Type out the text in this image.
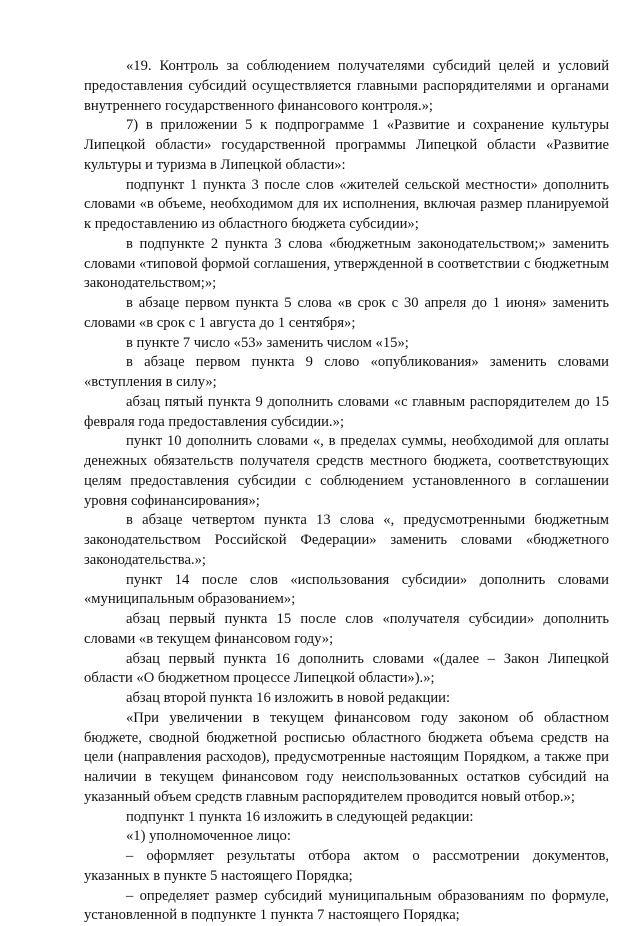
«19. Контроль за соблюдением получателями субсидий целей и условий предоставления субсидий осуществляется главными распорядителями и органами внутреннего государственного финансового контроля.»;

7) в приложении 5 к подпрограмме 1 «Развитие и сохранение культуры Липецкой области» государственной программы Липецкой области «Развитие культуры и туризма в Липецкой области»:

подпункт 1 пункта 3 после слов «жителей сельской местности» дополнить словами «в объеме, необходимом для их исполнения, включая размер планируемой к предоставлению из областного бюджета субсидии»;

в подпункте 2 пункта 3 слова «бюджетным законодательством;» заменить словами «типовой формой соглашения, утвержденной в соответствии с бюджетным законодательством;»;

в абзаце первом пункта 5 слова «в срок с 30 апреля до 1 июня» заменить словами «в срок с 1 августа до 1 сентября»;

в пункте 7 число «53» заменить числом «15»;

в абзаце первом пункта 9 слово «опубликования» заменить словами «вступления в силу»;

абзац пятый пункта 9 дополнить словами «с главным распорядителем до 15 февраля года предоставления субсидии.»;

пункт 10 дополнить словами «, в пределах суммы, необходимой для оплаты денежных обязательств получателя средств местного бюджета, соответствующих целям предоставления субсидии с соблюдением установленного в соглашении уровня софинансирования»;

в абзаце четвертом пункта 13 слова «, предусмотренными бюджетным законодательством Российской Федерации» заменить словами «бюджетного законодательства.»;

пункт 14 после слов «использования субсидии» дополнить словами «муниципальным образованием»;

абзац первый пункта 15 после слов «получателя субсидии» дополнить словами «в текущем финансовом году»;

абзац первый пункта 16 дополнить словами «(далее – Закон Липецкой области «О бюджетном процессе Липецкой области»).»;

абзац второй пункта 16 изложить в новой редакции:

«При увеличении в текущем финансовом году законом об областном бюджете, сводной бюджетной росписью областного бюджета объема средств на цели (направления расходов), предусмотренные настоящим Порядком, а также при наличии в текущем финансовом году неиспользованных остатков субсидий на указанный объем средств главным распорядителем проводится новый отбор.»;

подпункт 1 пункта 16 изложить в следующей редакции:

«1) уполномоченное лицо:

– оформляет результаты отбора актом о рассмотрении документов, указанных в пункте 5 настоящего Порядка;

– определяет размер субсидий муниципальным образованиям по формуле, установленной в подпункте 1 пункта 7 настоящего Порядка;
